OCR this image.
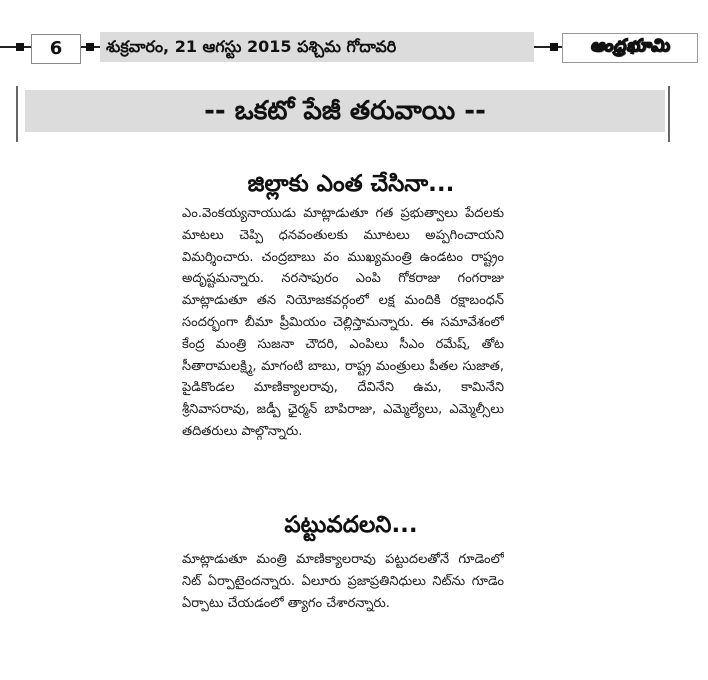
6	శుక్రవారం, 21 ఆగస్టు 2015 పశ్చిమ గోదావరి	ఆంధ్రభూమి
-- ఒకటో పేజీ తరువాయి --
జిల్లాకు ఎంత చేసినా...

ఎం.వెంకయ్యనాయుడు మాట్లాడుతూ గత ప్రభుత్వాలు పేదలకు మాటలు చెప్పి ధనవంతులకు మూటలు అప్పగించాయని విమర్శించారు. చంద్రబాబు వం ముఖ్యమంత్రి ఉండటం రాష్ట్రం అదృష్టమన్నారు. నరసాపురం ఎంపి గోకరాజు గంగరాజు మాట్లాడుతూ తన నియోజకవర్గంలో లక్ష మందికి రక్షాబంధన్ సందర్భంగా బీమా ప్రీమియం చెల్లిస్తామన్నారు. ఈ సమావేశంలో కేంద్ర మంత్రి సుజనా చౌదరి, ఎంపిలు సీఎం రమేష్, తోట సీతారామలక్ష్మి, మాగంటి బాబు, రాష్ట్ర మంత్రులు పీతల సుజాత, పైడికొండల మాణిక్యాలరావు, దేవినేని ఉమ, కామినేని శ్రీనివాసరావు, జడ్పీ ఛైర్మన్ బాపిరాజు, ఎమ్మెల్యేలు, ఎమ్మెల్సీలు తదితరులు పాల్గొన్నారు.

పట్టువదలని...

మాట్లాడుతూ మంత్రి మాణిక్యాలరావు పట్టుదలతోనే గూడెంలో నిట్ ఏర్పాటైందన్నారు. ఏలూరు ప్రజాప్రతినిధులు నిట్‌ను గూడెం ఏర్పాటు చేయడంలో త్యాగం చేశారన్నారు.
